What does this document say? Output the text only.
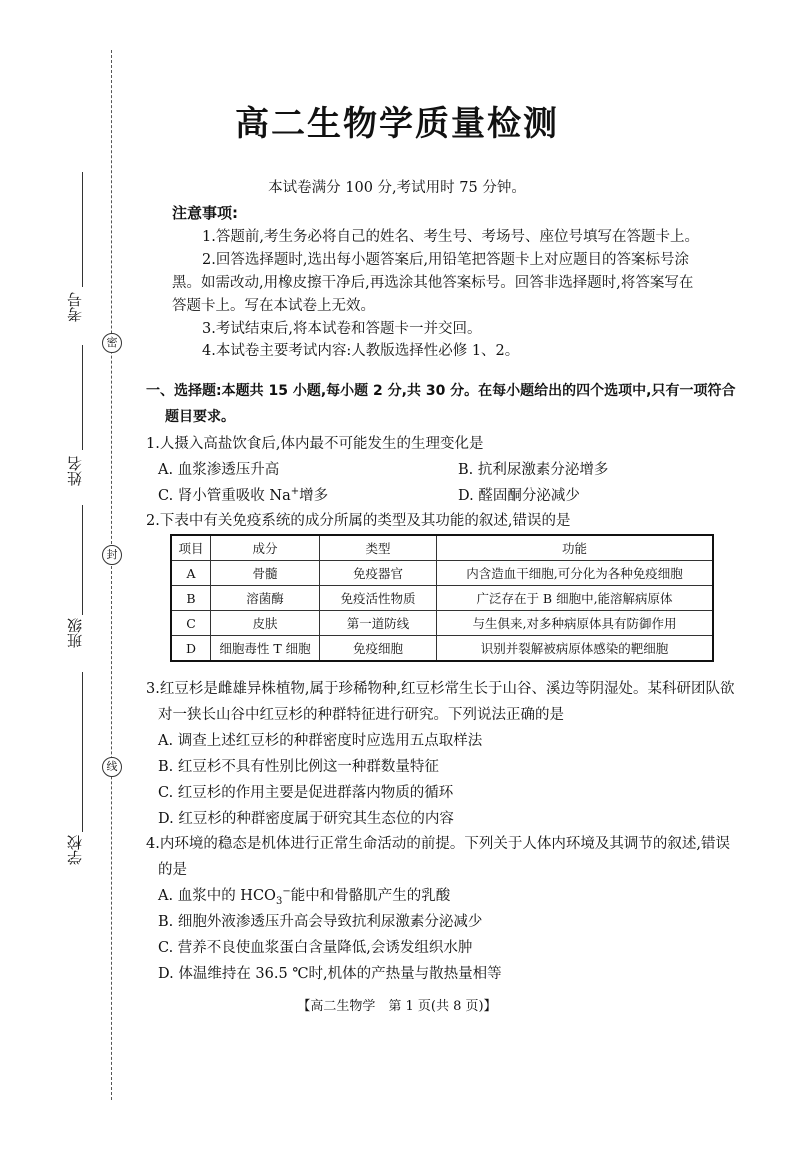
考号
姓名
班级
学校
密
封
线
高二生物学质量检测
本试卷满分 100 分,考试用时 75 分钟。
注意事项:
1.答题前,考生务必将自己的姓名、考生号、考场号、座位号填写在答题卡上。
2.回答选择题时,选出每小题答案后,用铅笔把答题卡上对应题目的答案标号涂
黑。如需改动,用橡皮擦干净后,再选涂其他答案标号。回答非选择题时,将答案写在
答题卡上。写在本试卷上无效。
3.考试结束后,将本试卷和答题卡一并交回。
4.本试卷主要考试内容:人教版选择性必修 1、2。
一、选择题:本题共 15 小题,每小题 2 分,共 30 分。在每小题给出的四个选项中,只有一项符合
题目要求。
1.人摄入高盐饮食后,体内最不可能发生的生理变化是
A. 血浆渗透压升高	B. 抗利尿激素分泌增多
C. 肾小管重吸收 Na+增多	D. 醛固酮分泌减少
2.下表中有关免疫系统的成分所属的类型及其功能的叙述,错误的是
项目	成分	类型	功能
A	骨髓	免疫器官	内含造血干细胞,可分化为各种免疫细胞
B	溶菌酶	免疫活性物质	广泛存在于 B 细胞中,能溶解病原体
C	皮肤	第一道防线	与生俱来,对多种病原体具有防御作用
D	细胞毒性 T 细胞	免疫细胞	识别并裂解被病原体感染的靶细胞
3.红豆杉是雌雄异株植物,属于珍稀物种,红豆杉常生长于山谷、溪边等阴湿处。某科研团队欲
对一狭长山谷中红豆杉的种群特征进行研究。下列说法正确的是
A. 调查上述红豆杉的种群密度时应选用五点取样法
B. 红豆杉不具有性别比例这一种群数量特征
C. 红豆杉的作用主要是促进群落内物质的循环
D. 红豆杉的种群密度属于研究其生态位的内容
4.内环境的稳态是机体进行正常生命活动的前提。下列关于人体内环境及其调节的叙述,错误
的是
A. 血浆中的 $HCO_3^-$能中和骨骼肌产生的乳酸
B. 细胞外液渗透压升高会导致抗利尿激素分泌减少
C. 营养不良使血浆蛋白含量降低,会诱发组织水肿
D. 体温维持在 36.5 ℃时,机体的产热量与散热量相等
【高二生物学　第 1 页(共 8 页)】
